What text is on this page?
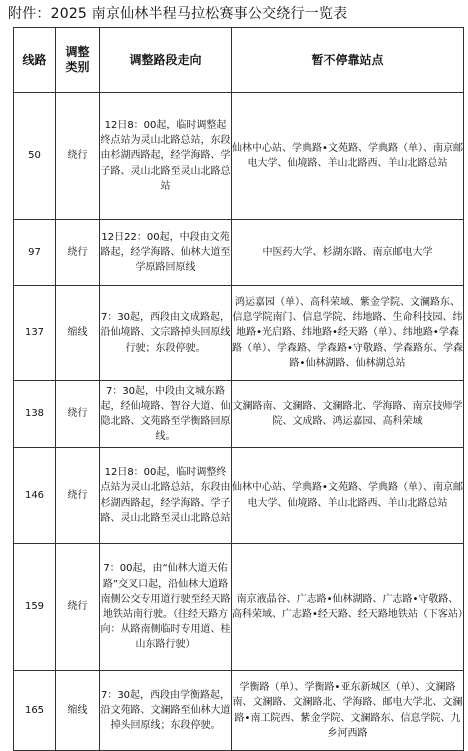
附件：2025 南京仙林半程马拉松赛事公交绕行一览表
线路	调整类别	调整路段走向	暂不停靠站点
50	绕行	12日8：00起，临时调整起终点站为灵山北路总站，东段由杉湖西路起，经学海路、学子路、灵山北路至灵山北路总站	仙林中心站、学典路•文苑路、学典路（单）、南京邮电大学、仙境路、羊山北路西、羊山北路总站
97	绕行	12日22：00起，中段由文苑路起，经学海路、仙林大道至学原路回原线	中医药大学、杉湖东路、南京邮电大学
137	缩线	7：30起，西段由文成路起，沿仙境路、文宗路掉头回原线行驶；东段停驶。	鸿运嘉园（单）、高科荣域、紫金学院、文澜路东、信息学院南门、信息学院、纬地路、生命科技园、纬地路•光启路、纬地路•经天路（单）、纬地路•学森路（单）、学森路、学森路•守敬路、学森路东、学森路•仙林湖路、仙林湖总站
138	绕行	7：30起，中段由文城东路起，经仙境路、智谷大道、仙隐北路、文苑路至学衡路回原线。	文澜路南、文澜路、文澜路北、学海路、南京技师学院、文成路、鸿运嘉园、高科荣域
146	绕行	12日8：00起，临时调整终点站为灵山北路总站，东段由杉湖西路起，经学海路、学子路、灵山北路至灵山北路总站	仙林中心站、学典路•文苑路、学典路（单）、南京邮电大学、仙境路、羊山北路西、羊山北路总站
159	绕行	7：00起，由“仙林大道天佑路”交叉口起，沿仙林大道路南侧公交专用道行驶至经天路地铁站南行驶。（往经天路方向：从路南侧临时专用道、桂山东路行驶）	南京液晶谷、广志路•仙林湖路、广志路•守敬路、高科荣域、广志路•经天路、经天路地铁站（下客站）
165	缩线	7：30起，西段由学衡路起，沿文苑路、文澜路至仙林大道掉头回原线；东段停驶。	学衡路（单）、学衡路•亚东新城区（单）、文澜路南、文澜路、文澜路北、学海路、邮电大学北、文澜路•南工院西、紫金学院、文澜路东、信息学院、九乡河西路
